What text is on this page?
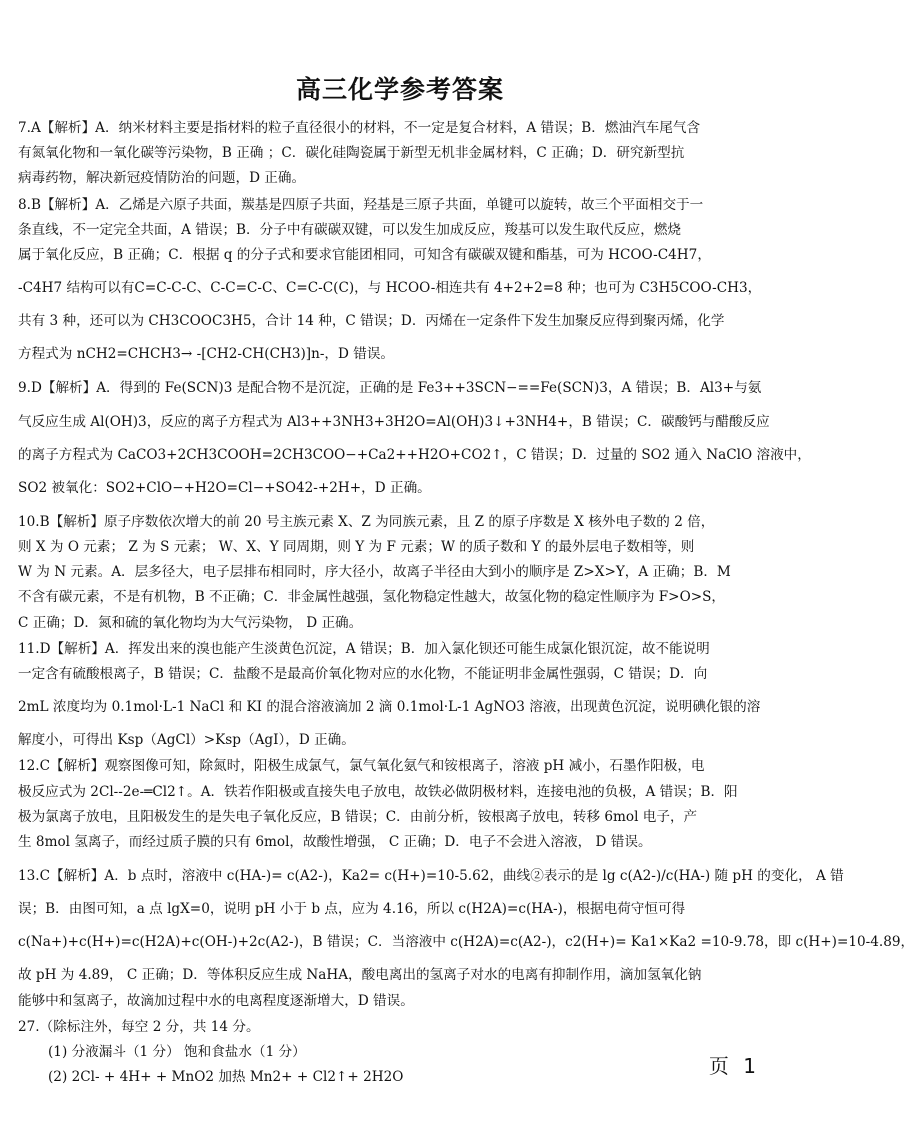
高三化学参考答案
7.A【解析】A．纳米材料主要是指材料的粒子直径很小的材料，不一定是复合材料，A 错误；B．燃油汽车尾气含
有氮氧化物和一氧化碳等污染物，B 正确 ；C．碳化硅陶瓷属于新型无机非金属材料，C 正确；D．研究新型抗
病毒药物，解决新冠疫情防治的问题，D 正确。
8.B【解析】A．乙烯是六原子共面，羰基是四原子共面，羟基是三原子共面，单键可以旋转，故三个平面相交于一
条直线，不一定完全共面，A 错误；B．分子中有碳碳双键，可以发生加成反应，羧基可以发生取代反应，燃烧
属于氧化反应，B 正确；C．根据 q 的分子式和要求官能团相同，可知含有碳碳双键和酯基，可为 HCOO-C4H7，
-C4H7 结构可以有C=C-C-C、C-C=C-C、C=C-C(C)，与 HCOO-相连共有 4+2+2=8 种；也可为 C3H5COO-CH3，
共有 3 种，还可以为 CH3COOC3H5，合计 14 种，C 错误；D．丙烯在一定条件下发生加聚反应得到聚丙烯，化学
方程式为 nCH2=CHCH3→ -[CH2-CH(CH3)]n-，D 错误。
9.D【解析】A．得到的 Fe(SCN)3 是配合物不是沉淀，正确的是 Fe3++3SCN−==Fe(SCN)3，A 错误；B．Al3+与氨
气反应生成 Al(OH)3，反应的离子方程式为 Al3++3NH3+3H2O=Al(OH)3↓+3NH4+，B 错误；C．碳酸钙与醋酸反应
的离子方程式为 CaCO3+2CH3COOH=2CH3COO−+Ca2++H2O+CO2↑，C 错误；D．过量的 SO2 通入 NaClO 溶液中，
SO2 被氧化：SO2+ClO−+H2O=Cl−+SO42-+2H+，D 正确。
10.B【解析】原子序数依次增大的前 20 号主族元素 X、Z 为同族元素，且 Z 的原子序数是 X 核外电子数的 2 倍，
则 X 为 O 元素； Z 为 S 元素； W、X、Y 同周期，则 Y 为 F 元素；W 的质子数和 Y 的最外层电子数相等，则
W 为 N 元素。A．层多径大，电子层排布相同时，序大径小，故离子半径由大到小的顺序是 Z>X>Y，A 正确；B．M
不含有碳元素，不是有机物，B 不正确；C．非金属性越强，氢化物稳定性越大，故氢化物的稳定性顺序为 F>O>S，
C 正确；D．氮和硫的氧化物均为大气污染物， D 正确。
11.D【解析】A．挥发出来的溴也能产生淡黄色沉淀，A 错误；B．加入氯化钡还可能生成氯化银沉淀，故不能说明
一定含有硫酸根离子，B 错误；C．盐酸不是最高价氧化物对应的水化物，不能证明非金属性强弱，C 错误；D．向
2mL 浓度均为 0.1mol·L-1 NaCl 和 KI 的混合溶液滴加 2 滴 0.1mol·L-1 AgNO3 溶液，出现黄色沉淀，说明碘化银的溶
解度小，可得出 Ksp（AgCl）>Ksp（AgI），D 正确。
12.C【解析】观察图像可知，除氮时，阳极生成氯气，氯气氧化氨气和铵根离子，溶液 pH 减小，石墨作阳极，电
极反应式为 2Cl--2e-═Cl2↑。A．铁若作阳极或直接失电子放电，故铁必做阴极材料，连接电池的负极，A 错误；B．阳
极为氯离子放电，且阳极发生的是失电子氧化反应，B 错误；C．由前分析，铵根离子放电，转移 6mol 电子，产
生 8mol 氢离子，而经过质子膜的只有 6mol，故酸性增强， C 正确；D．电子不会进入溶液， D 错误。
13.C【解析】A．b 点时，溶液中 c(HA-)= c(A2-)，Ka2= c(H+)=10-5.62，曲线②表示的是 lg c(A2-)/c(HA-) 随 pH 的变化， A 错
误；B．由图可知，a 点 lgX=0，说明 pH 小于 b 点，应为 4.16，所以 c(H2A)=c(HA-)，根据电荷守恒可得
c(Na+)+c(H+)=c(H2A)+c(OH-)+2c(A2-)，B 错误；C．当溶液中 c(H2A)=c(A2-)，c2(H+)= Ka1×Ka2 =10-9.78，即 c(H+)=10-4.89，
故 pH 为 4.89， C 正确；D．等体积反应生成 NaHA，酸电离出的氢离子对水的电离有抑制作用，滴加氢氧化钠
能够中和氢离子，故滴加过程中水的电离程度逐渐增大，D 错误。
27.（除标注外，每空 2 分，共 14 分。
(1) 分液漏斗（1 分） 饱和食盐水（1 分）
(2) 2Cl- + 4H+ + MnO2 加热 Mn2+ + Cl2↑+ 2H2O	页 1
